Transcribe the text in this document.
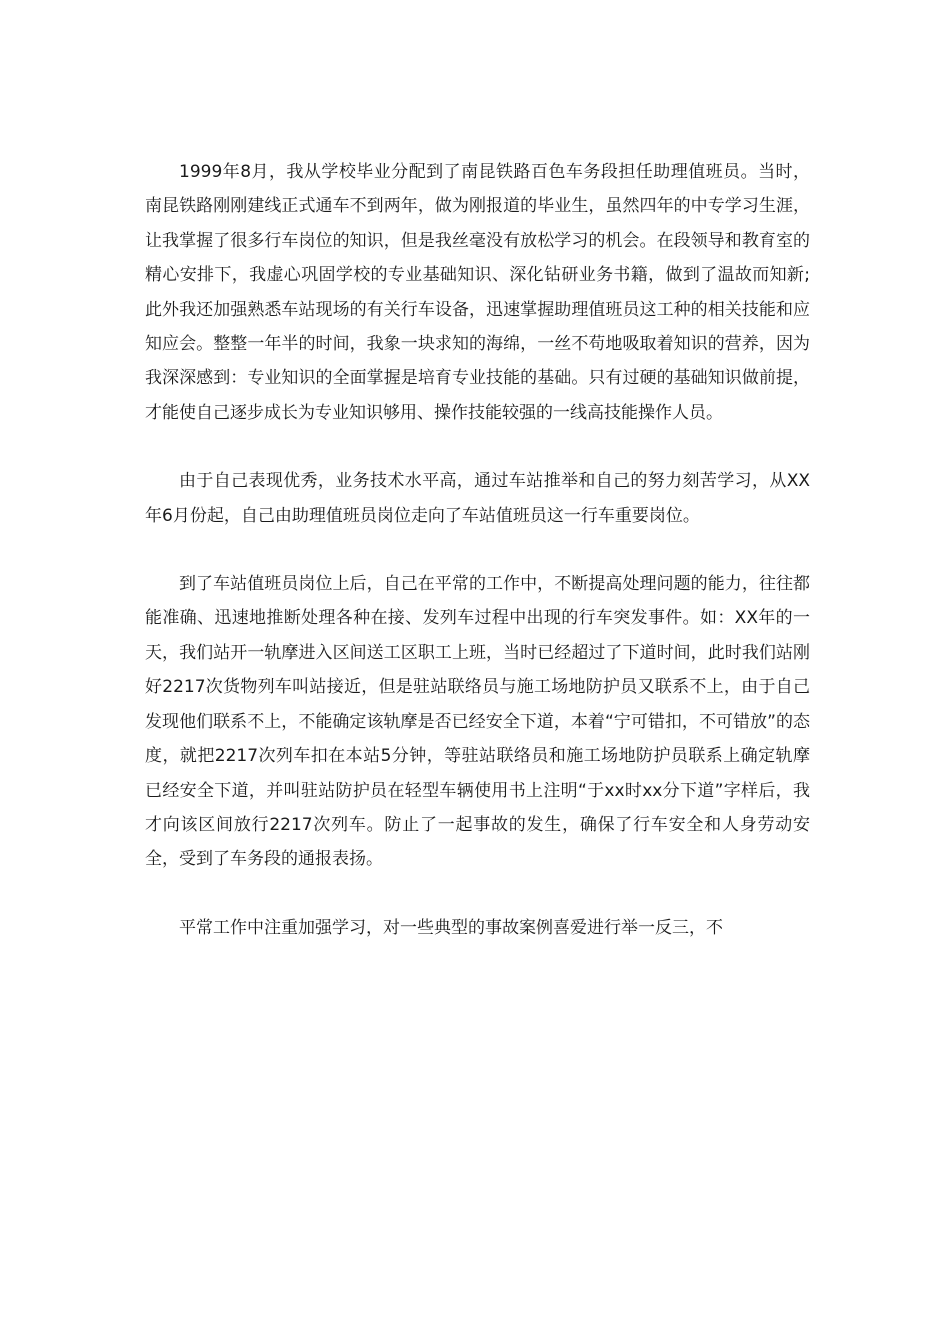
1999年8月，我从学校毕业分配到了南昆铁路百色车务段担任助理值班员。当时，南昆铁路刚刚建线正式通车不到两年，做为刚报道的毕业生，虽然四年的中专学习生涯，让我掌握了很多行车岗位的知识，但是我丝毫没有放松学习的机会。在段领导和教育室的精心安排下，我虚心巩固学校的专业基础知识、深化钻研业务书籍，做到了温故而知新;此外我还加强熟悉车站现场的有关行车设备，迅速掌握助理值班员这工种的相关技能和应知应会。整整一年半的时间，我象一块求知的海绵，一丝不苟地吸取着知识的营养，因为我深深感到：专业知识的全面掌握是培育专业技能的基础。只有过硬的基础知识做前提，才能使自己逐步成长为专业知识够用、操作技能较强的一线高技能操作人员。

由于自己表现优秀，业务技术水平高，通过车站推举和自己的努力刻苦学习，从XX年6月份起，自己由助理值班员岗位走向了车站值班员这一行车重要岗位。

到了车站值班员岗位上后，自己在平常的工作中，不断提高处理问题的能力，往往都能准确、迅速地推断处理各种在接、发列车过程中出现的行车突发事件。如：XX年的一天，我们站开一轨摩进入区间送工区职工上班，当时已经超过了下道时间，此时我们站刚好2217次货物列车叫站接近，但是驻站联络员与施工场地防护员又联系不上，由于自己发现他们联系不上，不能确定该轨摩是否已经安全下道，本着“宁可错扣，不可错放”的态度，就把2217次列车扣在本站5分钟，等驻站联络员和施工场地防护员联系上确定轨摩已经安全下道，并叫驻站防护员在轻型车辆使用书上注明“于xx时xx分下道”字样后，我才向该区间放行2217次列车。防止了一起事故的发生，确保了行车安全和人身劳动安全，受到了车务段的通报表扬。

平常工作中注重加强学习，对一些典型的事故案例喜爱进行举一反三，不
